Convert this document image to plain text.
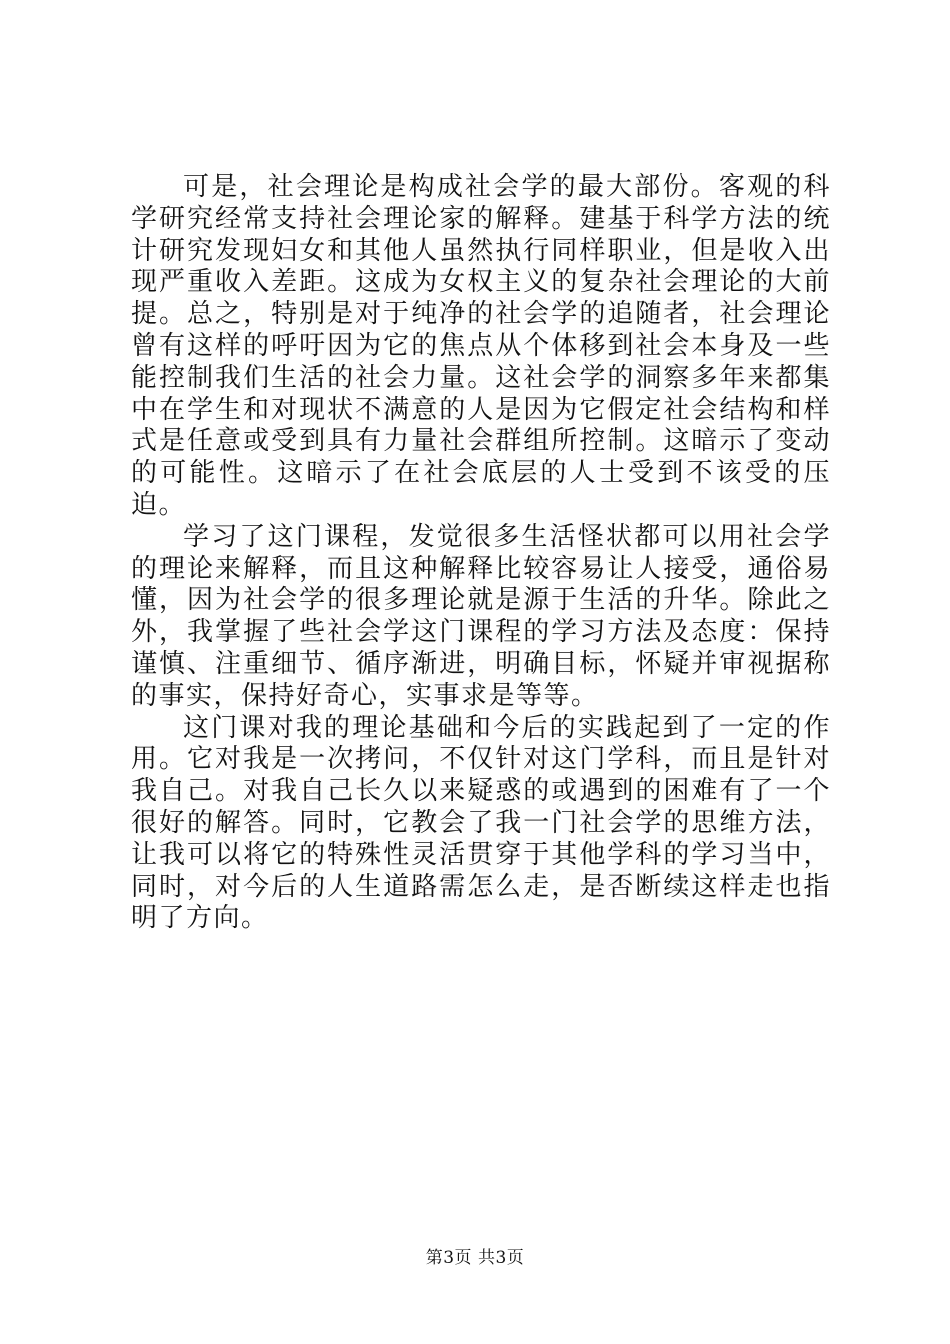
可是，社会理论是构成社会学的最大部份。客观的科学研究经常支持社会理论家的解释。建基于科学方法的统计研究发现妇女和其他人虽然执行同样职业，但是收入出现严重收入差距。这成为女权主义的复杂社会理论的大前提。总之，特别是对于纯净的社会学的追随者，社会理论曾有这样的呼吁因为它的焦点从个体移到社会本身及一些能控制我们生活的社会力量。这社会学的洞察多年来都集中在学生和对现状不满意的人是因为它假定社会结构和样式是任意或受到具有力量社会群组所控制。这暗示了变动的可能性。这暗示了在社会底层的人士受到不该受的压迫。

学习了这门课程，发觉很多生活怪状都可以用社会学的理论来解释，而且这种解释比较容易让人接受，通俗易懂，因为社会学的很多理论就是源于生活的升华。除此之外，我掌握了些社会学这门课程的学习方法及态度：保持谨慎、注重细节、循序渐进，明确目标，怀疑并审视据称的事实，保持好奇心，实事求是等等。

这门课对我的理论基础和今后的实践起到了一定的作用。它对我是一次拷问，不仅针对这门学科，而且是针对我自己。对我自己长久以来疑惑的或遇到的困难有了一个很好的解答。同时，它教会了我一门社会学的思维方法，让我可以将它的特殊性灵活贯穿于其他学科的学习当中，同时，对今后的人生道路需怎么走，是否断续这样走也指明了方向。

第3页 共3页
